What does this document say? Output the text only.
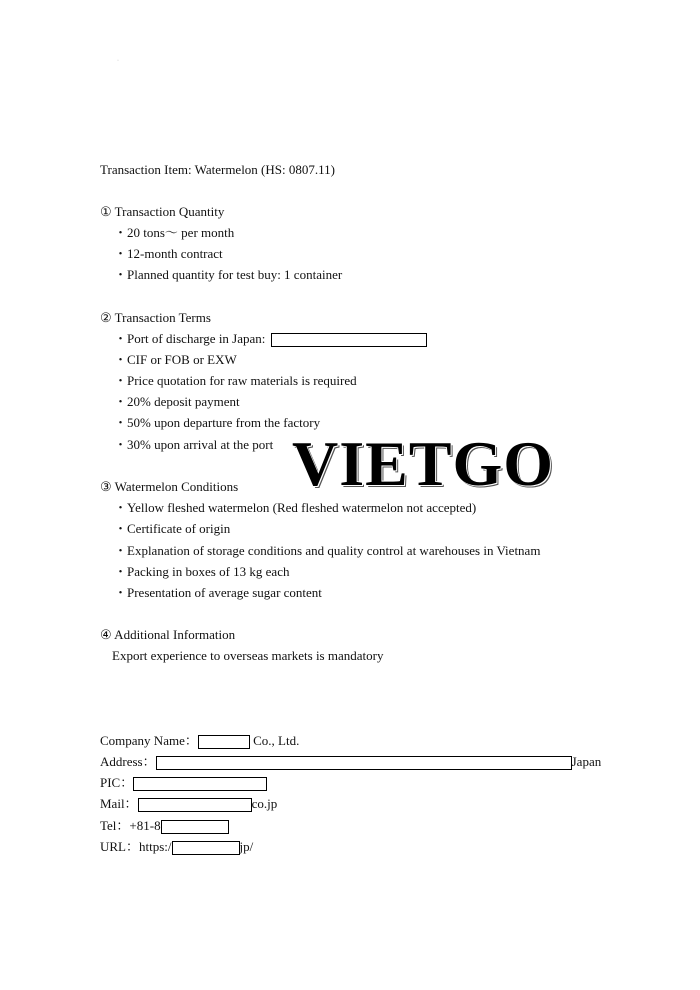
·
Transaction Item: Watermelon (HS: 0807.11)
① Transaction Quantity
・20 tons～ per month
・12-month contract
・Planned quantity for test buy: 1 container
② Transaction Terms
・Port of discharge in Japan:
・CIF or FOB or EXW
・Price quotation for raw materials is required
・20% deposit payment
・50% upon departure from the factory
・30% upon arrival at the port VIETGO
③ Watermelon Conditions
・Yellow fleshed watermelon (Red fleshed watermelon not accepted)
・Certificate of origin
・Explanation of storage conditions and quality control at warehouses in Vietnam
・Packing in boxes of 13 kg each
・Presentation of average sugar content
④ Additional Information
Export experience to overseas markets is mandatory
Company Name：	Co., Ltd.
Address：	Japan
PIC：
Mail：	co.jp
Tel：+81-8
URL：https:/	jp/
